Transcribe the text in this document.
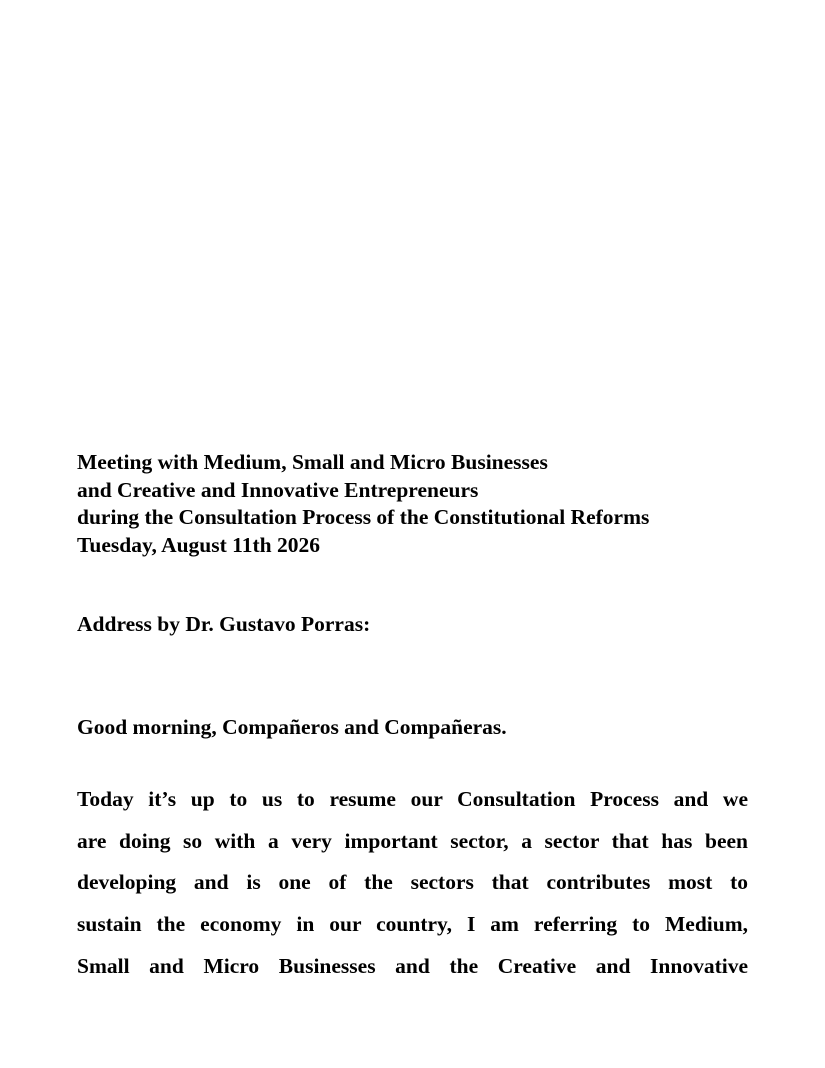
Meeting with Medium, Small and Micro Businesses
and Creative and Innovative Entrepreneurs
during the Consultation Process of the Constitutional Reforms
Tuesday, August 11th 2026
Address by Dr. Gustavo Porras:
Good morning, Compañeros and Compañeras.
Today it’s up to us to resume our Consultation Process and we
are doing so with a very important sector, a sector that has been
developing and is one of the sectors that contributes most to
sustain the economy in our country, I am referring to Medium,
Small and Micro Businesses and the Creative and Innovative
